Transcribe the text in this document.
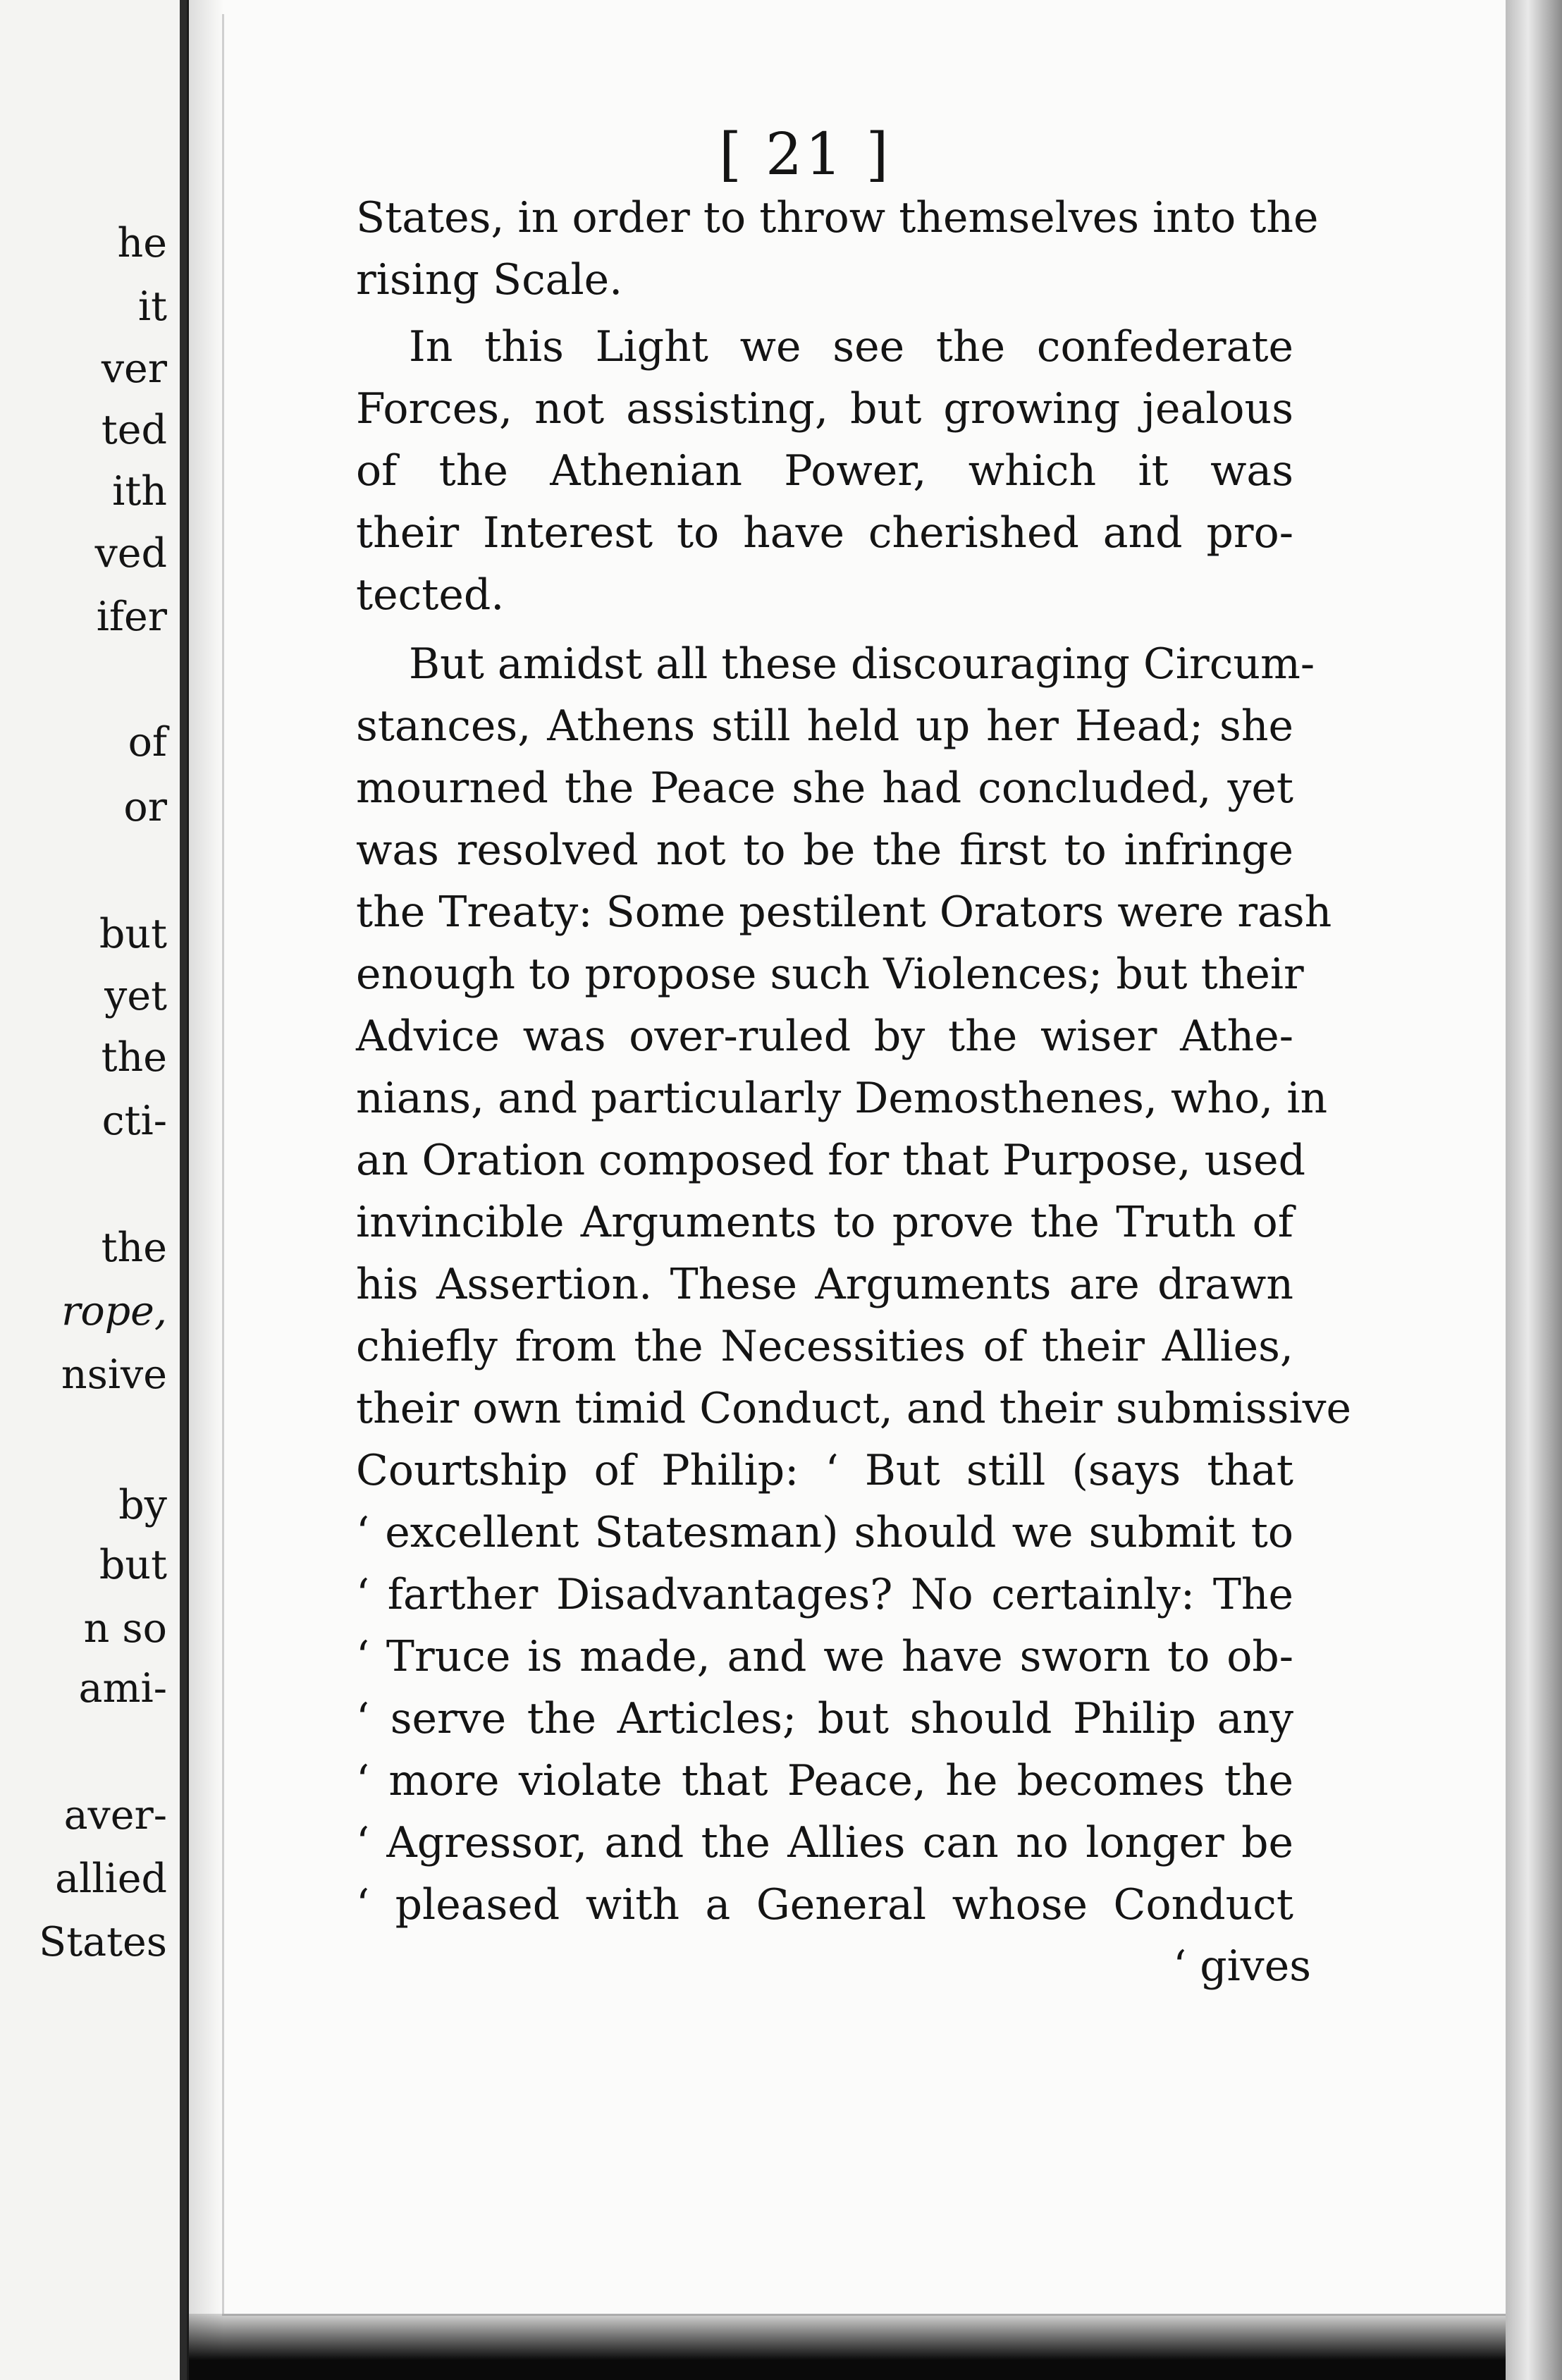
he
it
ver
ted
ith
ved
ifer
of
or
but
yet
the
cti-
the
rope,
nsive
by
but
n so
ami-
aver-
allied
States
[ 21 ]
States, in order to throw themselves into the
rising Scale.
In this Light we see the confederate
Forces, not assisting, but growing jealous
of the Athenian Power, which it was
their Interest to have cherished and pro-
tected.
But amidst all these discouraging Circum-
stances, Athens still held up her Head; she
mourned the Peace she had concluded, yet
was resolved not to be the first to infringe
the Treaty: Some pestilent Orators were rash
enough to propose such Violences; but their
Advice was over-ruled by the wiser Athe-
nians, and particularly Demosthenes, who, in
an Oration composed for that Purpose, used
invincible Arguments to prove the Truth of
his Assertion. These Arguments are drawn
chiefly from the Necessities of their Allies,
their own timid Conduct, and their submissive
Courtship of Philip: ‘ But still (says that
‘ excellent Statesman) should we submit to
‘ farther Disadvantages? No certainly: The
‘ Truce is made, and we have sworn to ob-
‘ serve the Articles; but should Philip any
‘ more violate that Peace, he becomes the
‘ Agressor, and the Allies can no longer be
‘ pleased with a General whose Conduct
‘ gives
